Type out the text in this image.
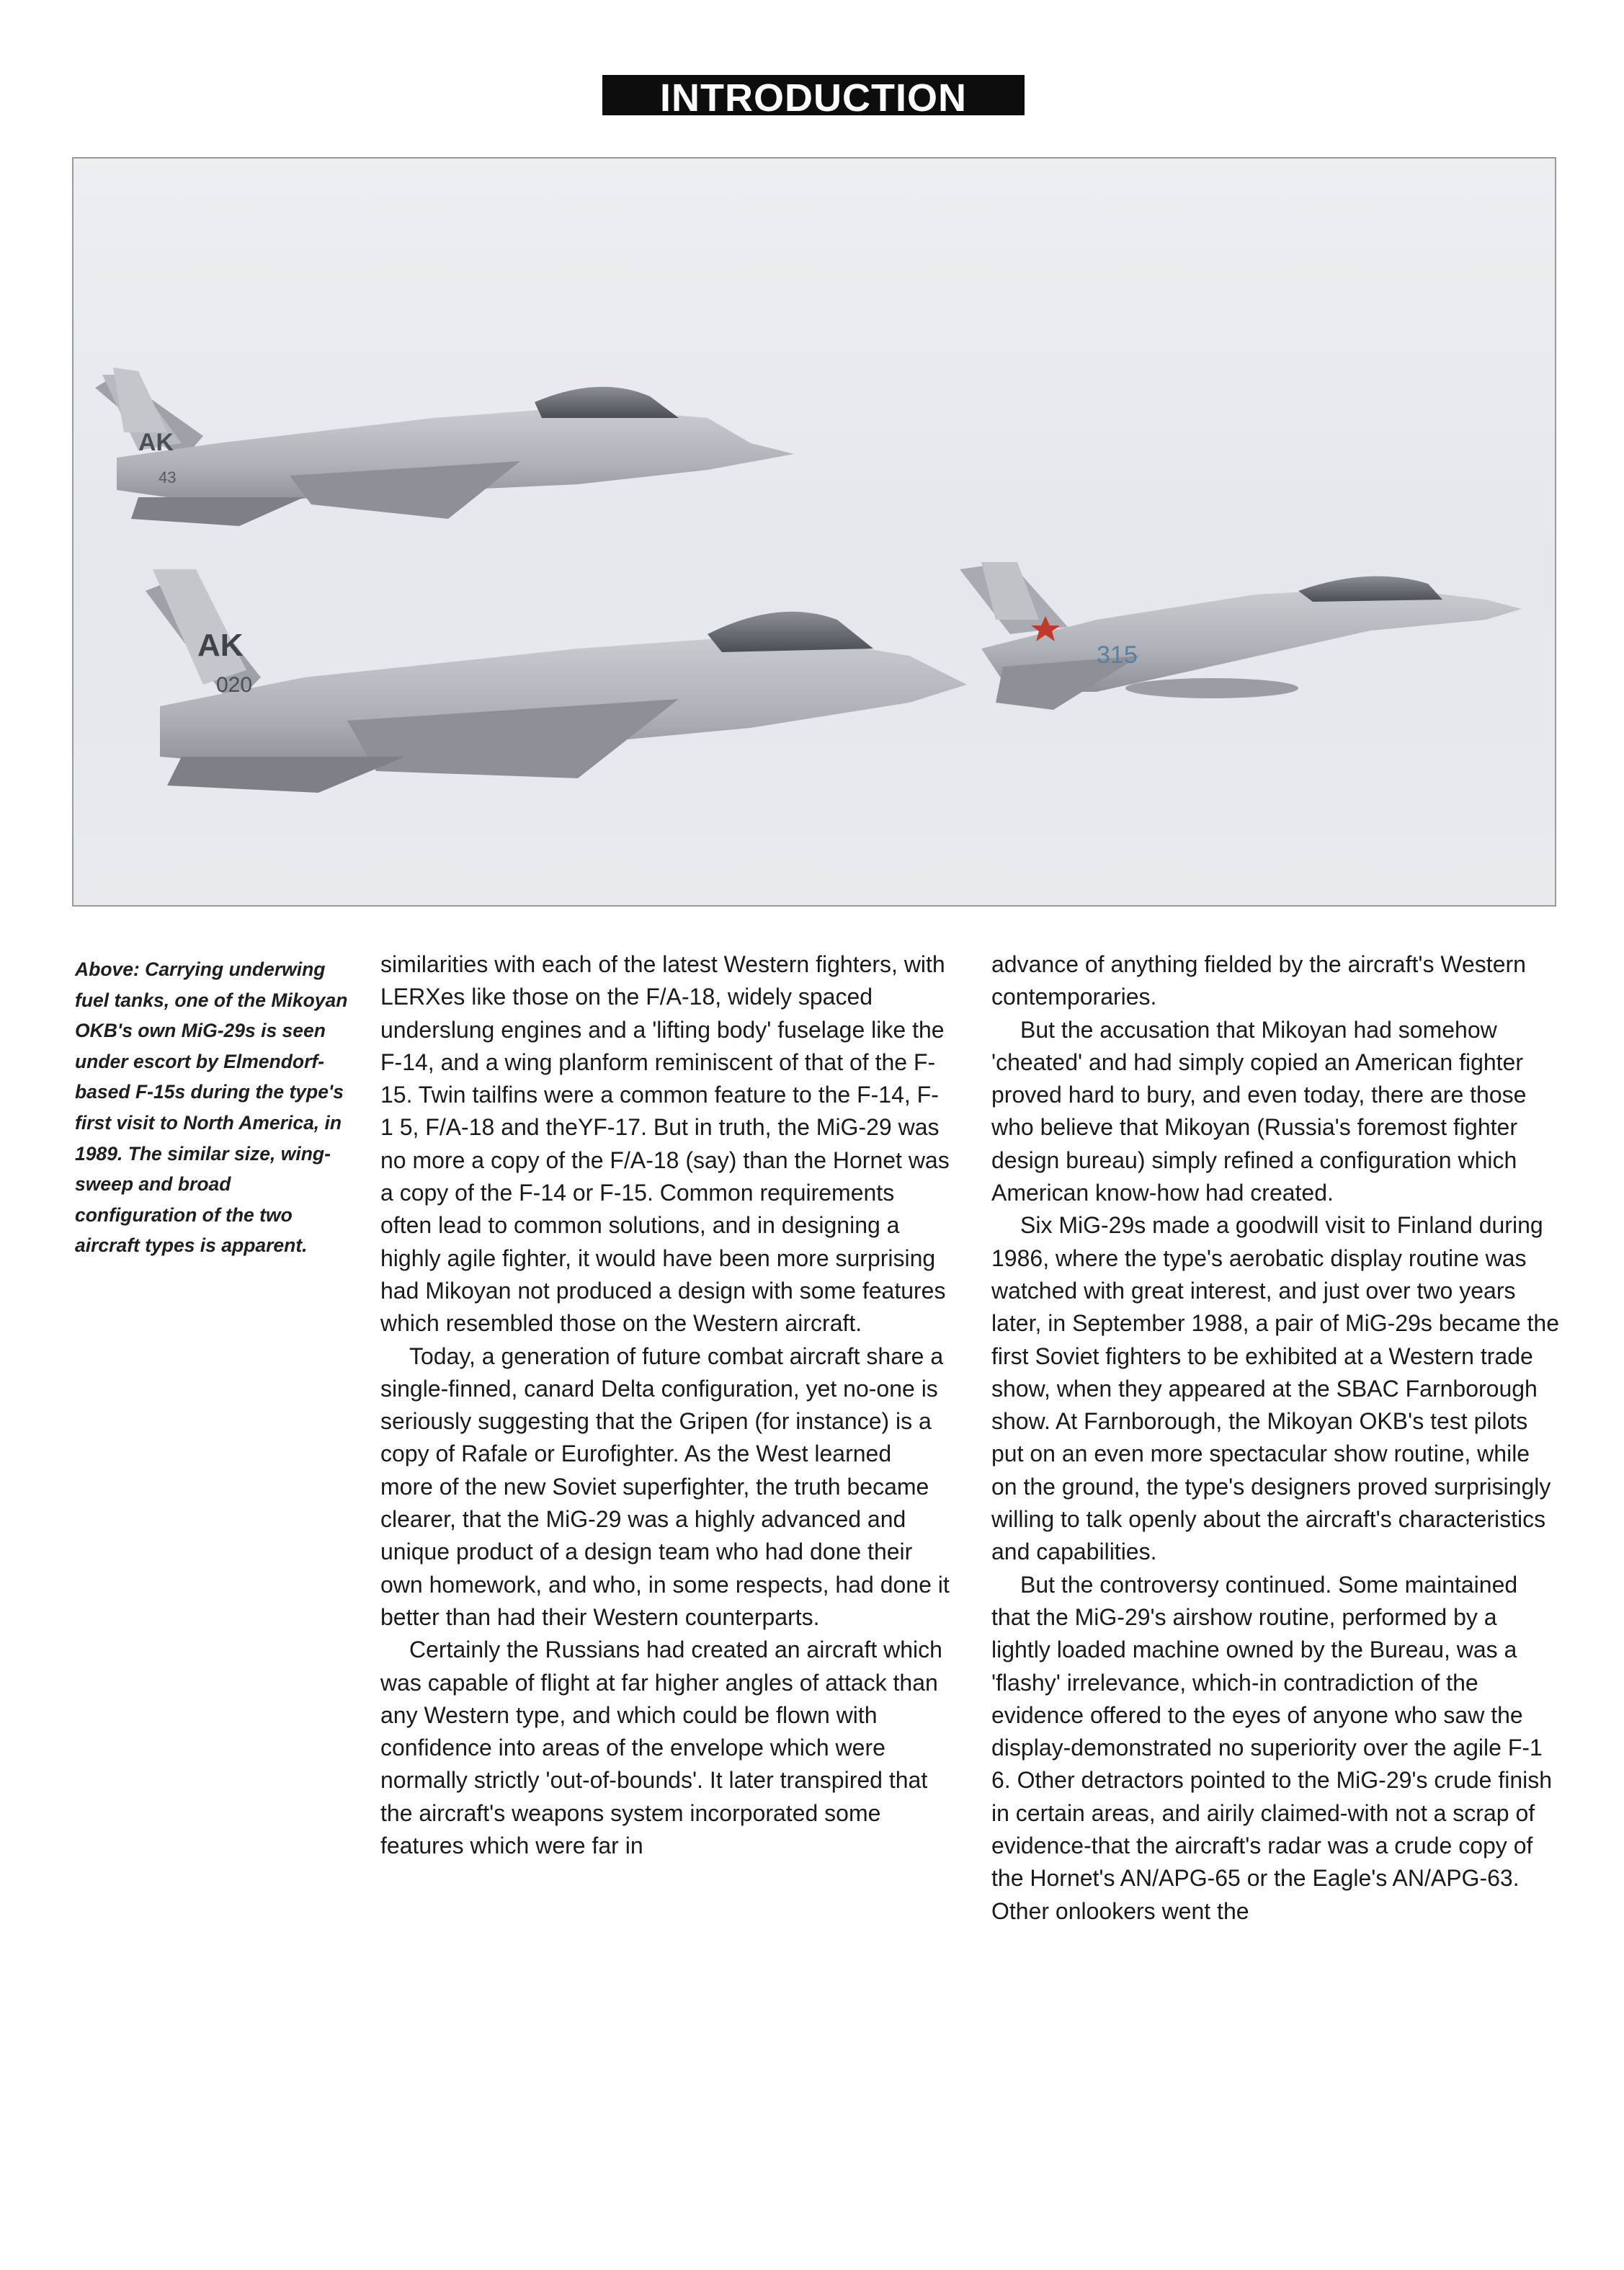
INTRODUCTION
AK
43
AK
020
315

Above: Carrying underwing fuel tanks, one of the Mikoyan OKB's own MiG-29s is seen under escort by Elmendorf-based F-15s during the type's first visit to North America, in 1989. The similar size, wing-sweep and broad configuration of the two aircraft types is apparent.

similarities with each of the latest Western fighters, with LERXes like those on the F/A-18, widely spaced underslung engines and a 'lifting body' fuselage like the F-14, and a wing planform reminiscent of that of the F-15. Twin tailfins were a common feature to the F-14, F-1 5, F/A-18 and theYF-17. But in truth, the MiG-29 was no more a copy of the F/A-18 (say) than the Hornet was a copy of the F-14 or F-15. Common requirements often lead to common solutions, and in designing a highly agile fighter, it would have been more surprising had Mikoyan not produced a design with some features which resembled those on the Western aircraft.

Today, a generation of future combat aircraft share a single-finned, canard Delta configuration, yet no-one is seriously suggesting that the Gripen (for instance) is a copy of Rafale or Eurofighter. As the West learned more of the new Soviet superfighter, the truth became clearer, that the MiG-29 was a highly advanced and unique product of a design team who had done their own homework, and who, in some respects, had done it better than had their Western counterparts.

Certainly the Russians had created an aircraft which was capable of flight at far higher angles of attack than any Western type, and which could be flown with confidence into areas of the envelope which were normally strictly 'out-of-bounds'. It later transpired that the aircraft's weapons system incorporated some features which were far in

advance of anything fielded by the aircraft's Western contemporaries.

But the accusation that Mikoyan had somehow 'cheated' and had simply copied an American fighter proved hard to bury, and even today, there are those who believe that Mikoyan (Russia's foremost fighter design bureau) simply refined a configuration which American know-how had created.

Six MiG-29s made a goodwill visit to Finland during 1986, where the type's aerobatic display routine was watched with great interest, and just over two years later, in September 1988, a pair of MiG-29s became the first Soviet fighters to be exhibited at a Western trade show, when they appeared at the SBAC Farnborough show. At Farnborough, the Mikoyan OKB's test pilots put on an even more spectacular show routine, while on the ground, the type's designers proved surprisingly willing to talk openly about the aircraft's characteristics and capabilities.

But the controversy continued. Some maintained that the MiG-29's airshow routine, performed by a lightly loaded machine owned by the Bureau, was a 'flashy' irrelevance, which-in contradiction of the evidence offered to the eyes of anyone who saw the display-demonstrated no superiority over the agile F-1 6. Other detractors pointed to the MiG-29's crude finish in certain areas, and airily claimed-with not a scrap of evidence-that the aircraft's radar was a crude copy of the Hornet's AN/APG-65 or the Eagle's AN/APG-63. Other onlookers went the
